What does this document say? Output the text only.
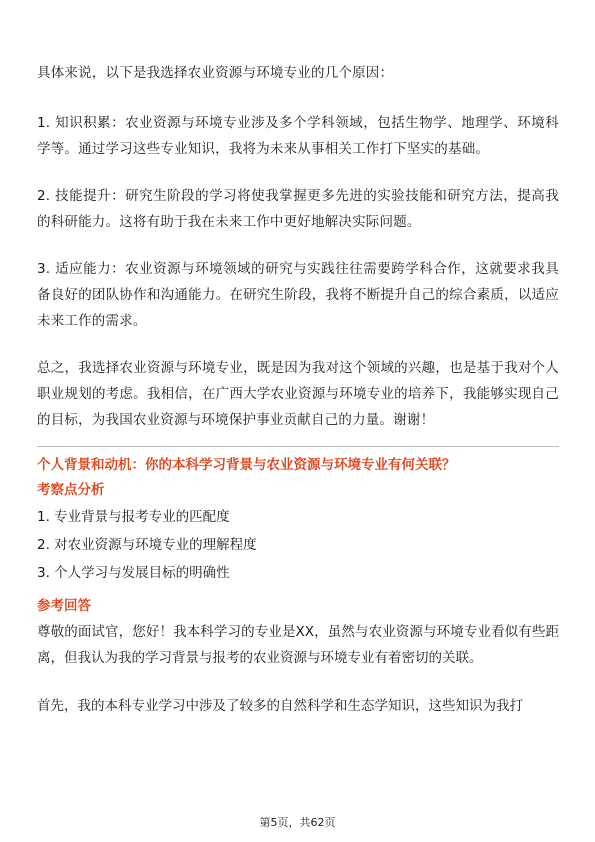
具体来说，以下是我选择农业资源与环境专业的几个原因：

1. 知识积累：农业资源与环境专业涉及多个学科领域，包括生物学、地理学、环境科学等。通过学习这些专业知识，我将为未来从事相关工作打下坚实的基础。

2. 技能提升：研究生阶段的学习将使我掌握更多先进的实验技能和研究方法，提高我的科研能力。这将有助于我在未来工作中更好地解决实际问题。

3. 适应能力：农业资源与环境领域的研究与实践往往需要跨学科合作，这就要求我具备良好的团队协作和沟通能力。在研究生阶段，我将不断提升自己的综合素质，以适应未来工作的需求。

总之，我选择农业资源与环境专业，既是因为我对这个领域的兴趣，也是基于我对个人职业规划的考虑。我相信，在广西大学农业资源与环境专业的培养下，我能够实现自己的目标，为我国农业资源与环境保护事业贡献自己的力量。谢谢！

个人背景和动机：你的本科学习背景与农业资源与环境专业有何关联？
考察点分析
1. 专业背景与报考专业的匹配度
2. 对农业资源与环境专业的理解程度
3. 个人学习与发展目标的明确性
参考回答

尊敬的面试官，您好！我本科学习的专业是XX，虽然与农业资源与环境专业看似有些距离，但我认为我的学习背景与报考的农业资源与环境专业有着密切的关联。

首先，我的本科专业学习中涉及了较多的自然科学和生态学知识，这些知识为我打

第5页，共62页
